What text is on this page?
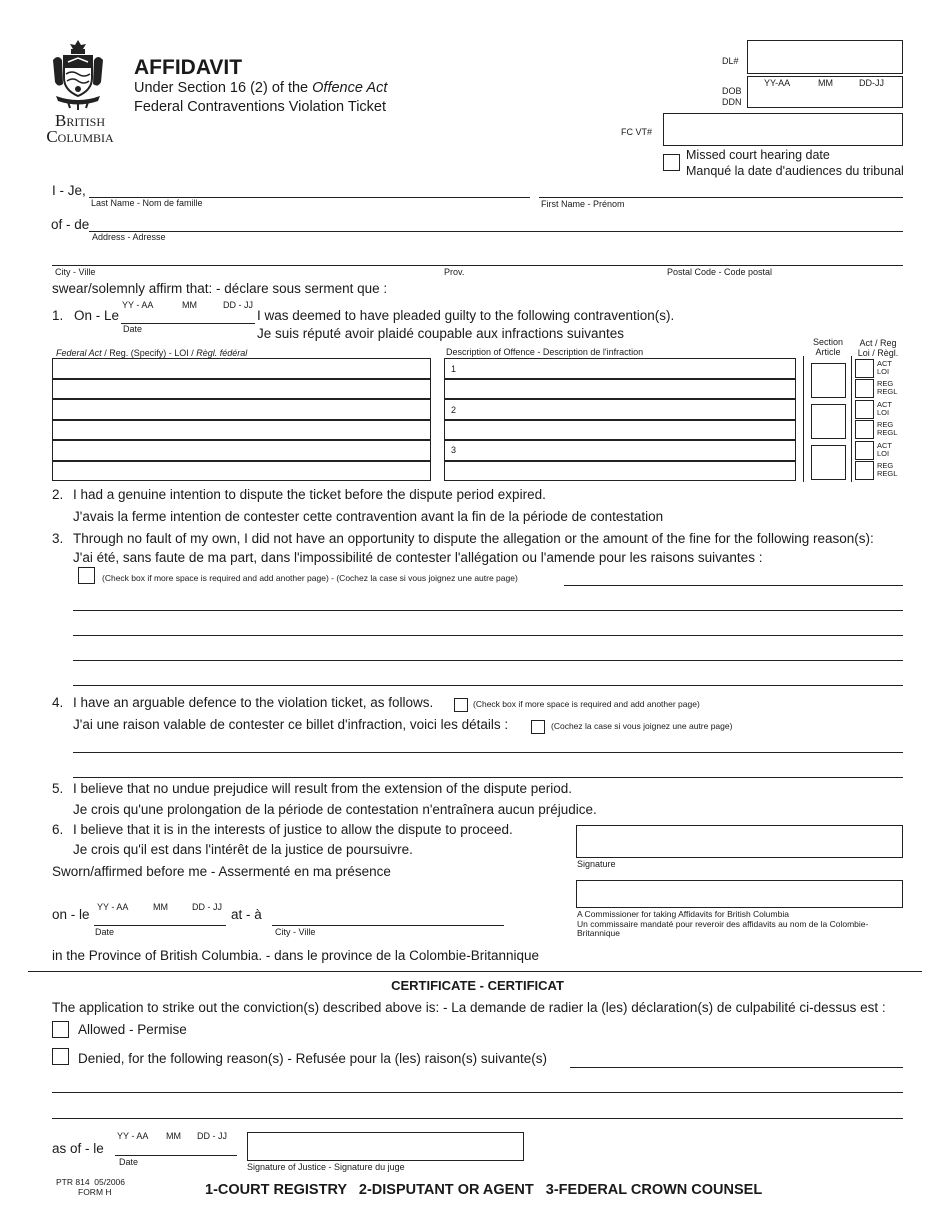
British
Columbia
AFFIDAVIT
Under Section 16 (2) of the Offence Act
Federal Contraventions Violation Ticket
DL#
DOB
DDN
YY-AA	MM	DD-JJ
FC VT#
Missed court hearing date
Manqué la date d'audiences du tribunal
I - Je,
Last Name - Nom de famille	First Name - Prénom
of - de
Address - Adresse
City - Ville	Prov.	Postal Code - Code postal
swear/solemnly affirm that: - déclare sous serment que :
1. On - Le
YY - AA	MM	DD - JJ
Date
I was deemed to have pleaded guilty to the following contravention(s).
Je suis réputé avoir plaidé coupable aux infractions suivantes
Federal Act / Reg. (Specify) - LOI / Règl. fédéral	Description of Offence - Description de l'infraction
Section
Article
Act / Reg
Loi / Règl.
1
2
3
ACT
LOI
REG
REGL
ACT
LOI
REG
REGL
ACT
LOI
REG
REGL
2. I had a genuine intention to dispute the ticket before the dispute period expired.
J'avais la ferme intention de contester cette contravention avant la fin de la période de contestation
3. Through no fault of my own, I did not have an opportunity to dispute the allegation or the amount of the fine for the following reason(s):
J'ai été, sans faute de ma part, dans l'impossibilité de contester l'allégation ou l'amende pour les raisons suivantes :
(Check box if more space is required and add another page) - (Cochez la case si vous joignez une autre page)
4. I have an arguable defence to the violation ticket, as follows.	(Check box if more space is required and add another page)
J'ai une raison valable de contester ce billet d'infraction, voici les détails :	(Cochez la case si vous joignez une autre page)
5. I believe that no undue prejudice will result from the extension of the dispute period.
Je crois qu'une prolongation de la période de contestation n'entraînera aucun préjudice.
6. I believe that it is in the interests of justice to allow the dispute to proceed.
Je crois qu'il est dans l'intérêt de la justice de poursuivre.
Signature
Sworn/affirmed before me - Assermenté en ma présence
A Commissioner for taking Affidavits for British Columbia
Un commissaire mandaté pour reveroir des affidavits au nom de la Colombie-Britannique
on - le YY - AA	MM	DD - JJ
Date
at - à
City - Ville
in the Province of British Columbia. - dans le province de la Colombie-Britannique
CERTIFICATE - CERTIFICAT
The application to strike out the conviction(s) described above is: - La demande de radier la (les) déclaration(s) de culpabilité ci-dessus est :
Allowed - Permise
Denied, for the following reason(s) - Refusée pour la (les) raison(s) suivante(s)
as of - le
YY - AA MM DD - JJ
Date	Signature of Justice - Signature du juge
PTR 814 05/2006
FORM H	1-COURT REGISTRY   2-DISPUTANT OR AGENT   3-FEDERAL CROWN COUNSEL
